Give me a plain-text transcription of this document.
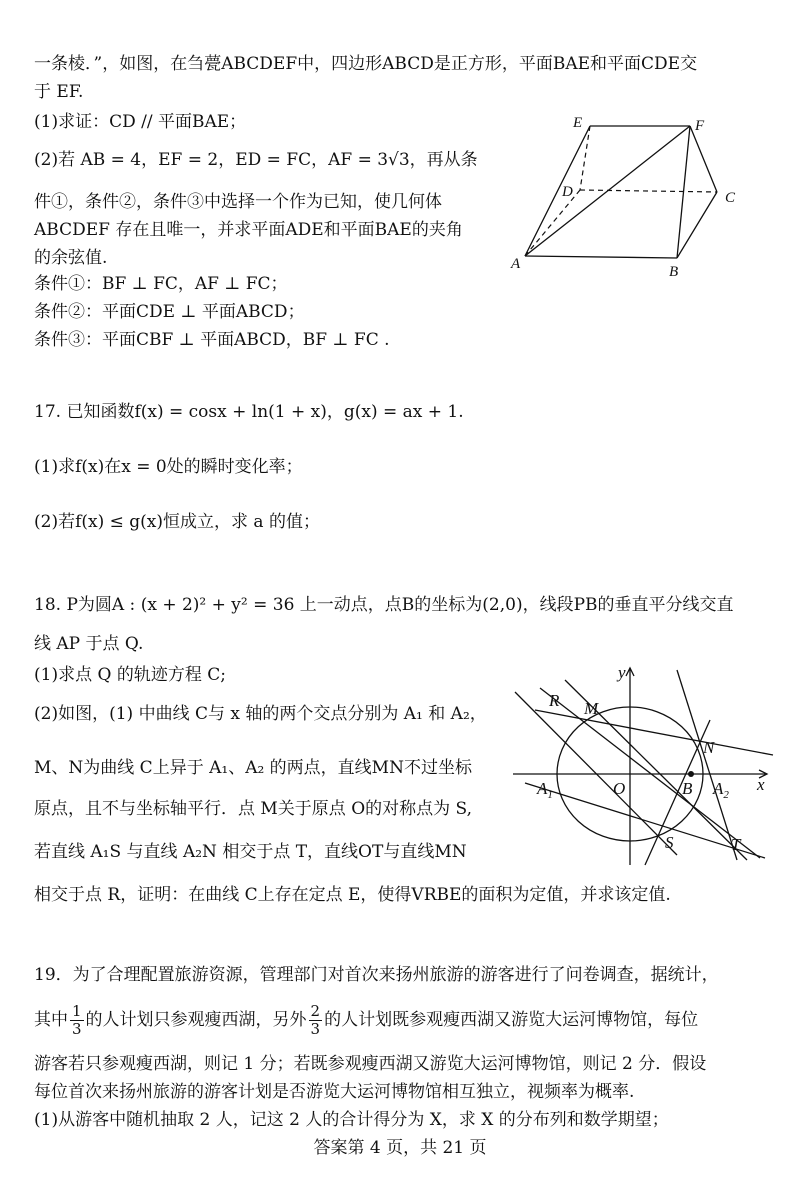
一条棱．”，如图，在刍甍ABCDEF中，四边形ABCD是正方形，平面BAE和平面CDE交
于 EF.
(1)求证：CD // 平面BAE；
(2)若 AB = 4，EF = 2，ED = FC，AF = 3√3，再从条
件①，条件②，条件③中选择一个作为已知，使几何体
ABCDEF 存在且唯一，并求平面ADE和平面BAE的夹角
的余弦值.
条件①：BF ⊥ FC，AF ⊥ FC；
条件②：平面CDE ⊥ 平面ABCD；
条件③：平面CBF ⊥ 平面ABCD，BF ⊥ FC .
E	F
D	C
A	B
17. 已知函数f(x) = cosx + ln(1 + x)，g(x) = ax + 1.
(1)求f(x)在x = 0处的瞬时变化率；
(2)若f(x) ≤ g(x)恒成立，求 a 的值；
18. P为圆A : (x + 2)² + y² = 36 上一动点，点B的坐标为(2,0)，线段PB的垂直平分线交直
线 AP 于点 Q.
(1)求点 Q 的轨迹方程 C;
(2)如图，(1) 中曲线 C与 x 轴的两个交点分别为 A₁ 和 A₂，
M、N为曲线 C上异于 A₁、A₂ 的两点，直线MN不过坐标
原点，且不与坐标轴平行．点 M关于原点 O的对称点为 S,
若直线 A₁S 与直线 A₂N 相交于点 T，直线OT与直线MN
相交于点 R，证明：在曲线 C上存在定点 E，使得VRBE的面积为定值，并求该定值.
y
x
R M
N
O	B
$A_1$	$A_2$
S	T
19．为了合理配置旅游资源，管理部门对首次来扬州旅游的游客进行了问卷调查，据统计，
其中 $\frac{1}{3}$ 的人计划只参观瘦西湖，另外 $\frac{2}{3}$ 的人计划既参观瘦西湖又游览大运河博物馆，每位
游客若只参观瘦西湖，则记 1 分；若既参观瘦西湖又游览大运河博物馆，则记 2 分．假设
每位首次来扬州旅游的游客计划是否游览大运河博物馆相互独立，视频率为概率.
(1)从游客中随机抽取 2 人，记这 2 人的合计得分为 X，求 X 的分布列和数学期望；
答案第 4 页，共 21 页
